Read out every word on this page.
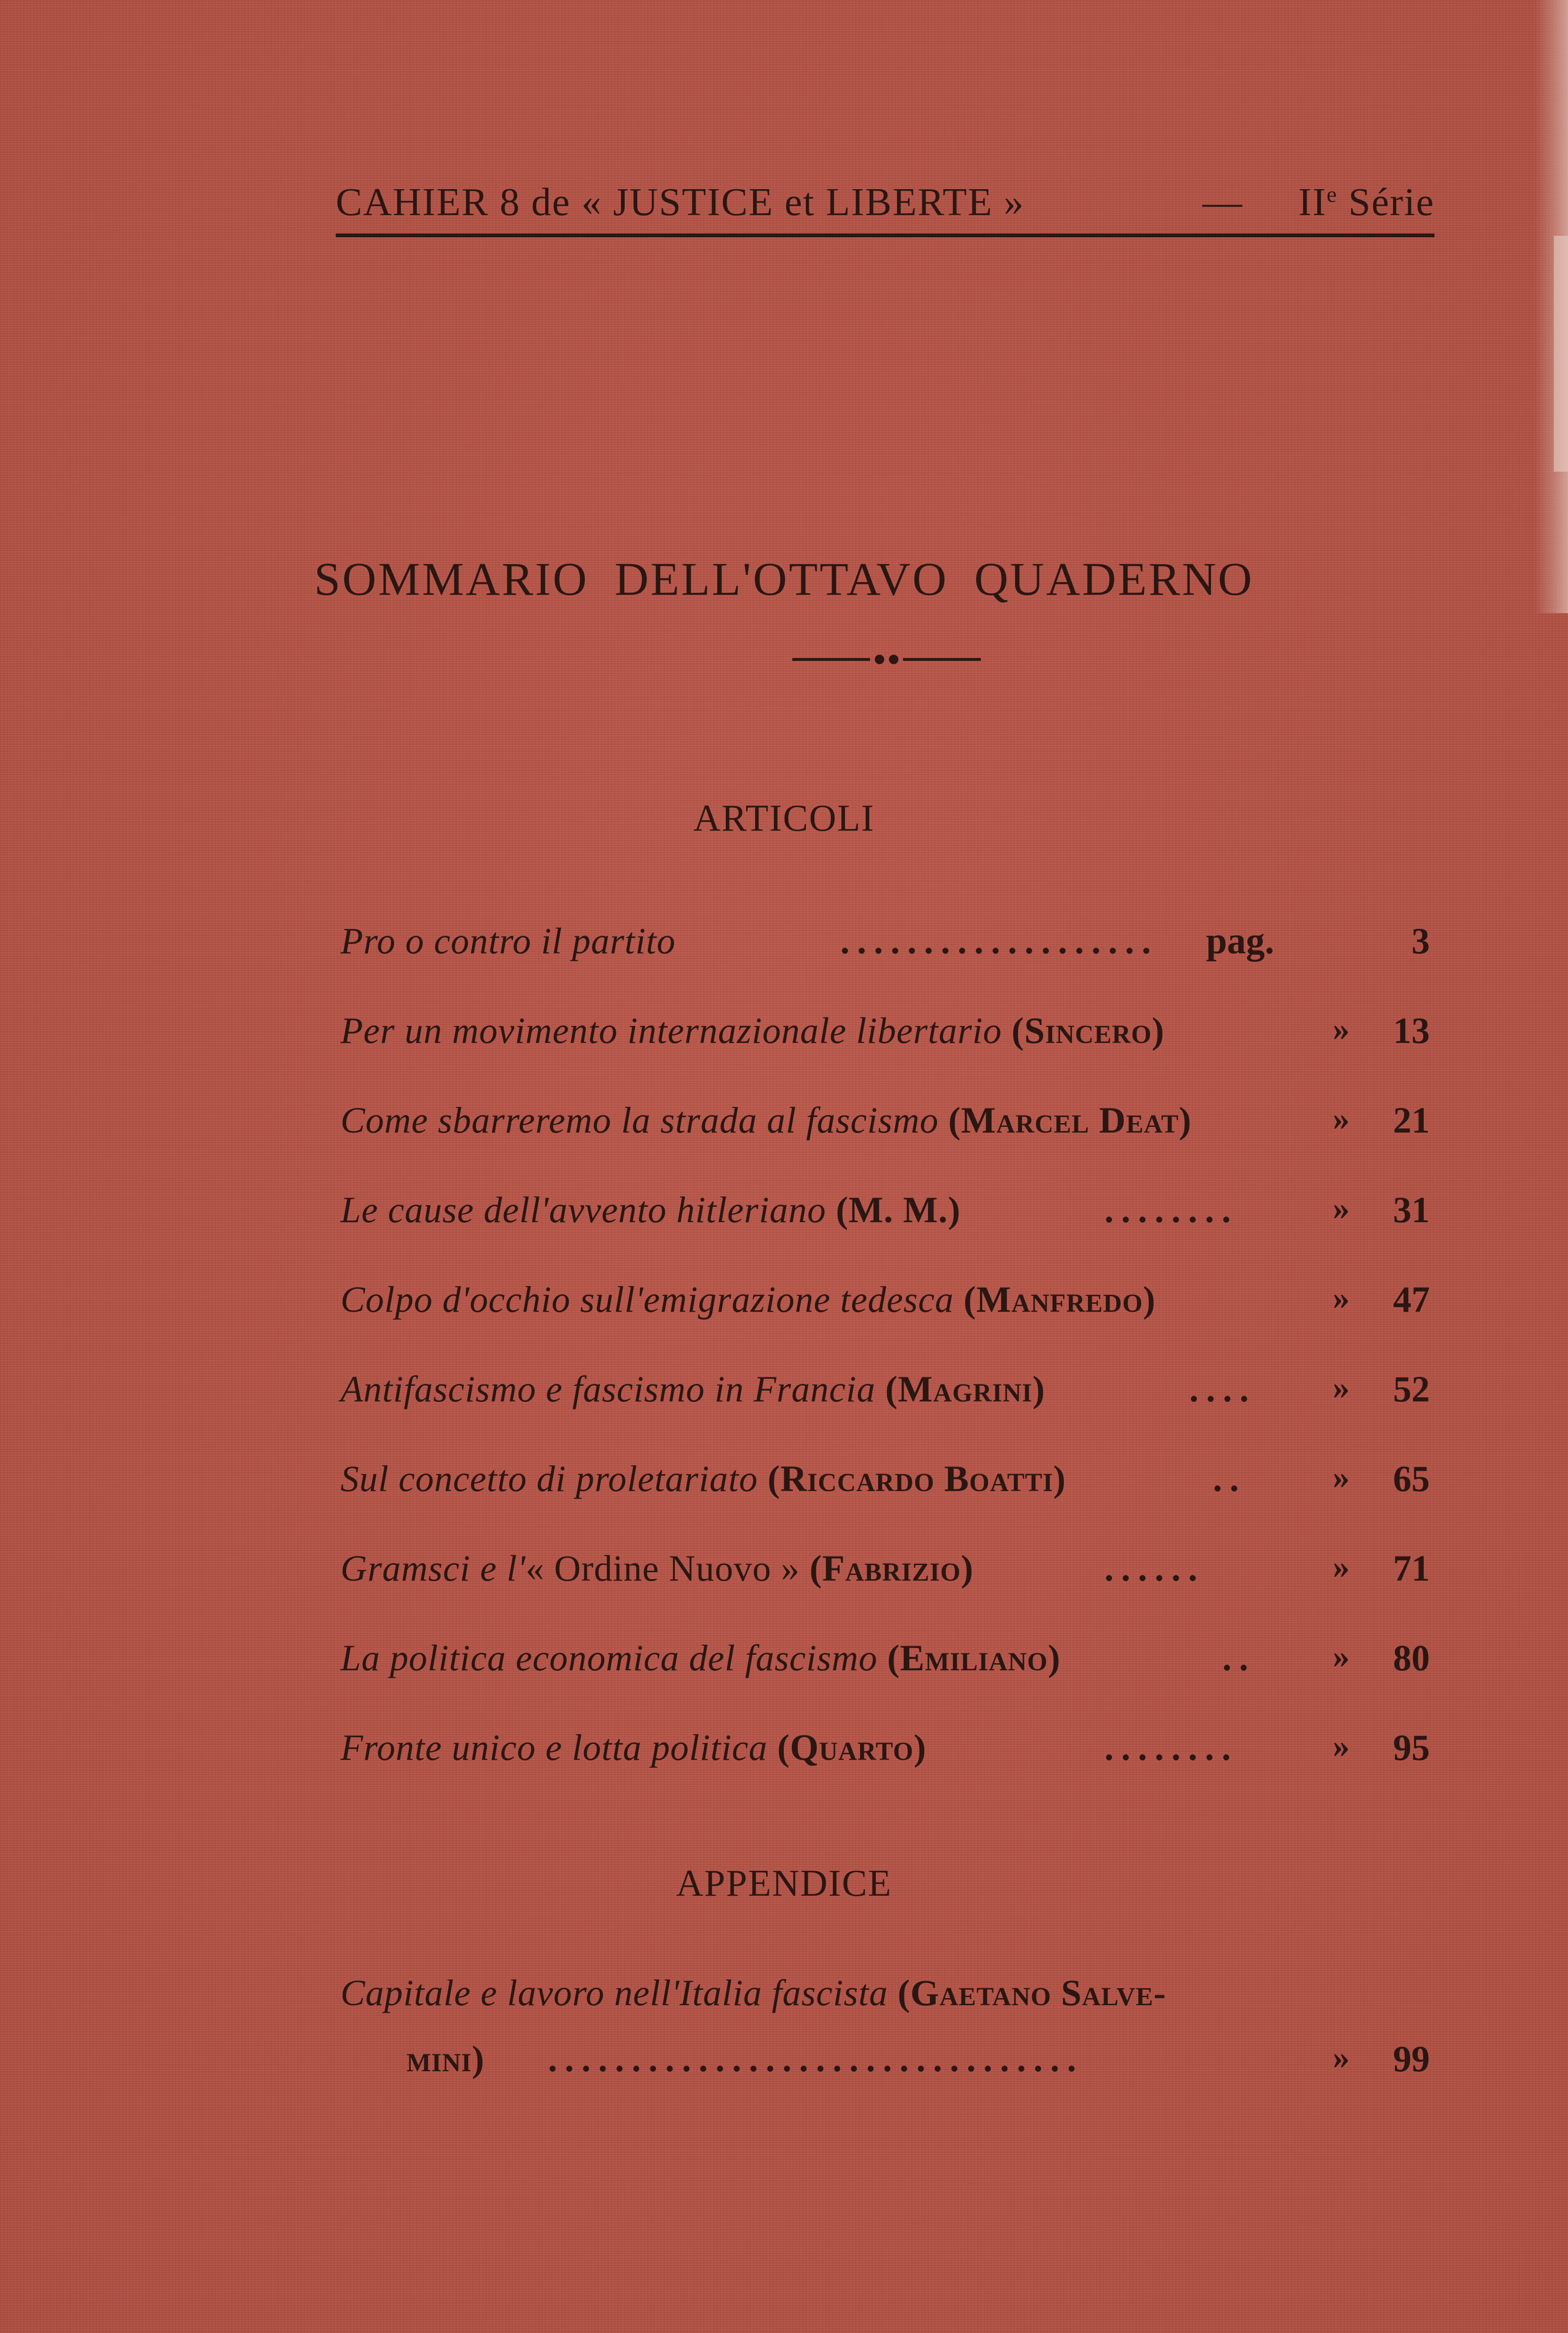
CAHIER 8 de « JUSTICE et LIBERTE »	— IIe Série
SOMMARIO DELL'OTTAVO QUADERNO
ARTICOLI
Pro o contro il partito	................... pag.	3
Per un movimento internazionale libertario (Sincero)	» 13
Come sbarreremo la strada al fascismo (Marcel Deat)	» 21
Le cause dell'avvento hitleriano (M. M.)	........	» 31
Colpo d'occhio sull'emigrazione tedesca (Manfredo)	» 47
Antifascismo e fascismo in Francia (Magrini)	.... » 52
Sul concetto di proletariato (Riccardo Boatti)	..	» 65
Gramsci e l'« Ordine Nuovo » (Fabrizio)	......	» 71
La politica economica del fascismo (Emiliano)	.. » 80
Fronte unico e lotta politica (Quarto)	........	» 95
APPENDICE
Capitale e lavoro nell'Italia fascista (Gaetano Salve-
mini) ................................	» 99
